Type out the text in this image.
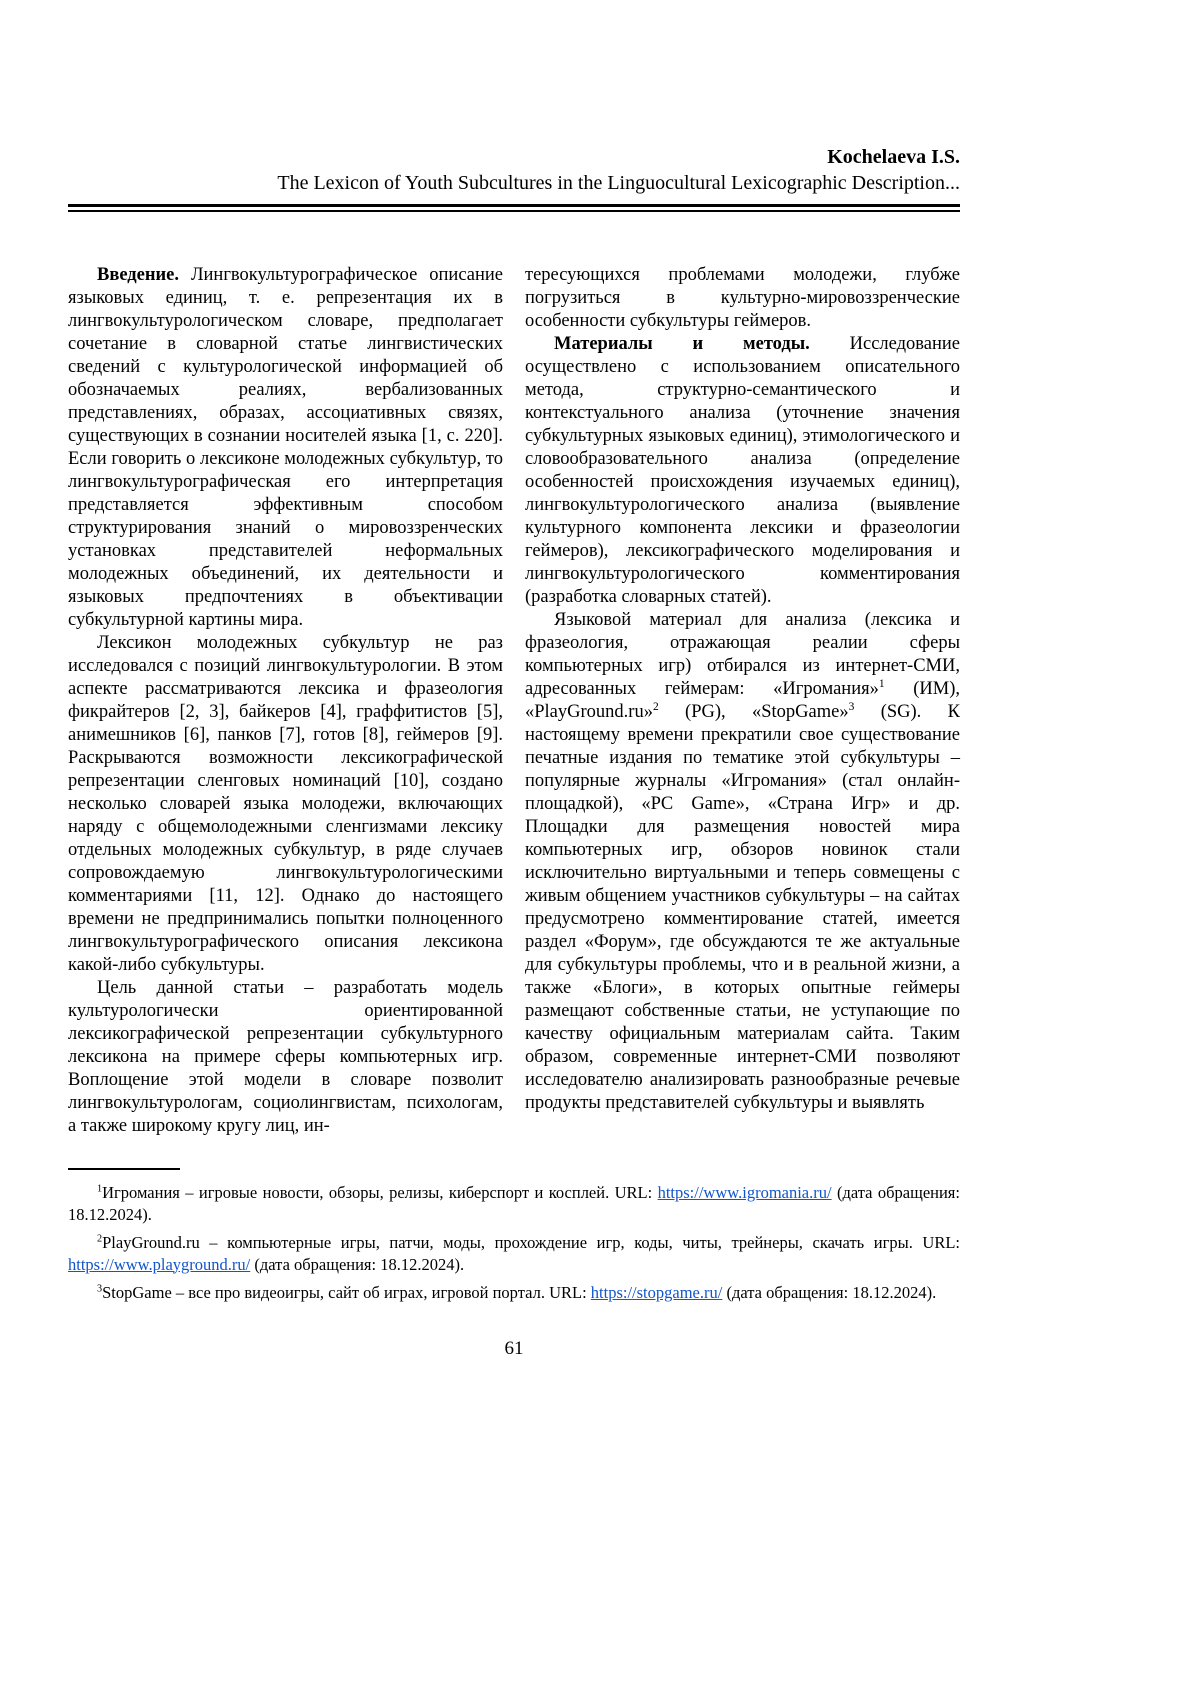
Kochelaeva I.S.
The Lexicon of Youth Subcultures in the Linguocultural Lexicographic Description...

Введение. Лингвокультурографическое описание языковых единиц, т. е. репрезентация их в лингвокультурологическом словаре, предполагает сочетание в словарной статье лингвистических сведений с культурологической информацией об обозначаемых реалиях, вербализованных представлениях, образах, ассоциативных связях, существующих в сознании носителей языка [1, с. 220]. Если говорить о лексиконе молодежных субкультур, то лингвокультурографическая его интерпретация представляется эффективным способом структурирования знаний о мировоззренческих установках представителей неформальных молодежных объединений, их деятельности и языковых предпочтениях в объективации субкультурной картины мира.

Лексикон молодежных субкультур не раз исследовался с позиций лингвокультурологии. В этом аспекте рассматриваются лексика и фразеология фикрайтеров [2, 3], байкеров [4], граффитистов [5], анимешников [6], панков [7], готов [8], геймеров [9]. Раскрываются возможности лексикографической репрезентации сленговых номинаций [10], создано несколько словарей языка молодежи, включающих наряду с общемолодежными сленгизмами лексику отдельных молодежных субкультур, в ряде случаев сопровождаемую лингвокультурологическими комментариями [11, 12]. Однако до настоящего времени не предпринимались попытки полноценного лингвокультурографического описания лексикона какой-либо субкультуры.

Цель данной статьи – разработать модель культурологически ориентированной лексикографической репрезентации субкультурного лексикона на примере сферы компьютерных игр. Воплощение этой модели в словаре позволит лингвокультурологам, социолингвистам, психологам, а также широкому кругу лиц, ин-

тересующихся проблемами молодежи, глубже погрузиться в культурно-мировоззренческие особенности субкультуры геймеров.

Материалы и методы. Исследование осуществлено с использованием описательного метода, структурно-семантического и контекстуального анализа (уточнение значения субкультурных языковых единиц), этимологического и словообразовательного анализа (определение особенностей происхождения изучаемых единиц), лингвокультурологического анализа (выявление культурного компонента лексики и фразеологии геймеров), лексикографического моделирования и лингвокультурологического комментирования (разработка словарных статей).

Языковой материал для анализа (лексика и фразеология, отражающая реалии сферы компьютерных игр) отбирался из интернет-СМИ, адресованных геймерам: «Игромания»$^1$ (ИМ), «PlayGround.ru»$^2$ (PG), «StopGame»$^3$ (SG). К настоящему времени прекратили свое существование печатные издания по тематике этой субкультуры – популярные журналы «Игромания» (стал онлайн-площадкой), «PC Game», «Страна Игр» и др. Площадки для размещения новостей мира компьютерных игр, обзоров новинок стали исключительно виртуальными и теперь совмещены с живым общением участников субкультуры – на сайтах предусмотрено комментирование статей, имеется раздел «Форум», где обсуждаются те же актуальные для субкультуры проблемы, что и в реальной жизни, а также «Блоги», в которых опытные геймеры размещают собственные статьи, не уступающие по качеству официальным материалам сайта. Таким образом, современные интернет-СМИ позволяют исследователю анализировать разнообразные речевые продукты представителей субкультуры и выявлять

$^1$Игромания – игровые новости, обзоры, релизы, киберспорт и косплей. URL: https://www.igromania.ru/ (дата обращения: 18.12.2024).

$^2$PlayGround.ru – компьютерные игры, патчи, моды, прохождение игр, коды, читы, трейнеры, скачать игры. URL: https://www.playground.ru/ (дата обращения: 18.12.2024).

$^3$StopGame – все про видеоигры, сайт об играх, игровой портал. URL: https://stopgame.ru/ (дата обращения: 18.12.2024).

61
